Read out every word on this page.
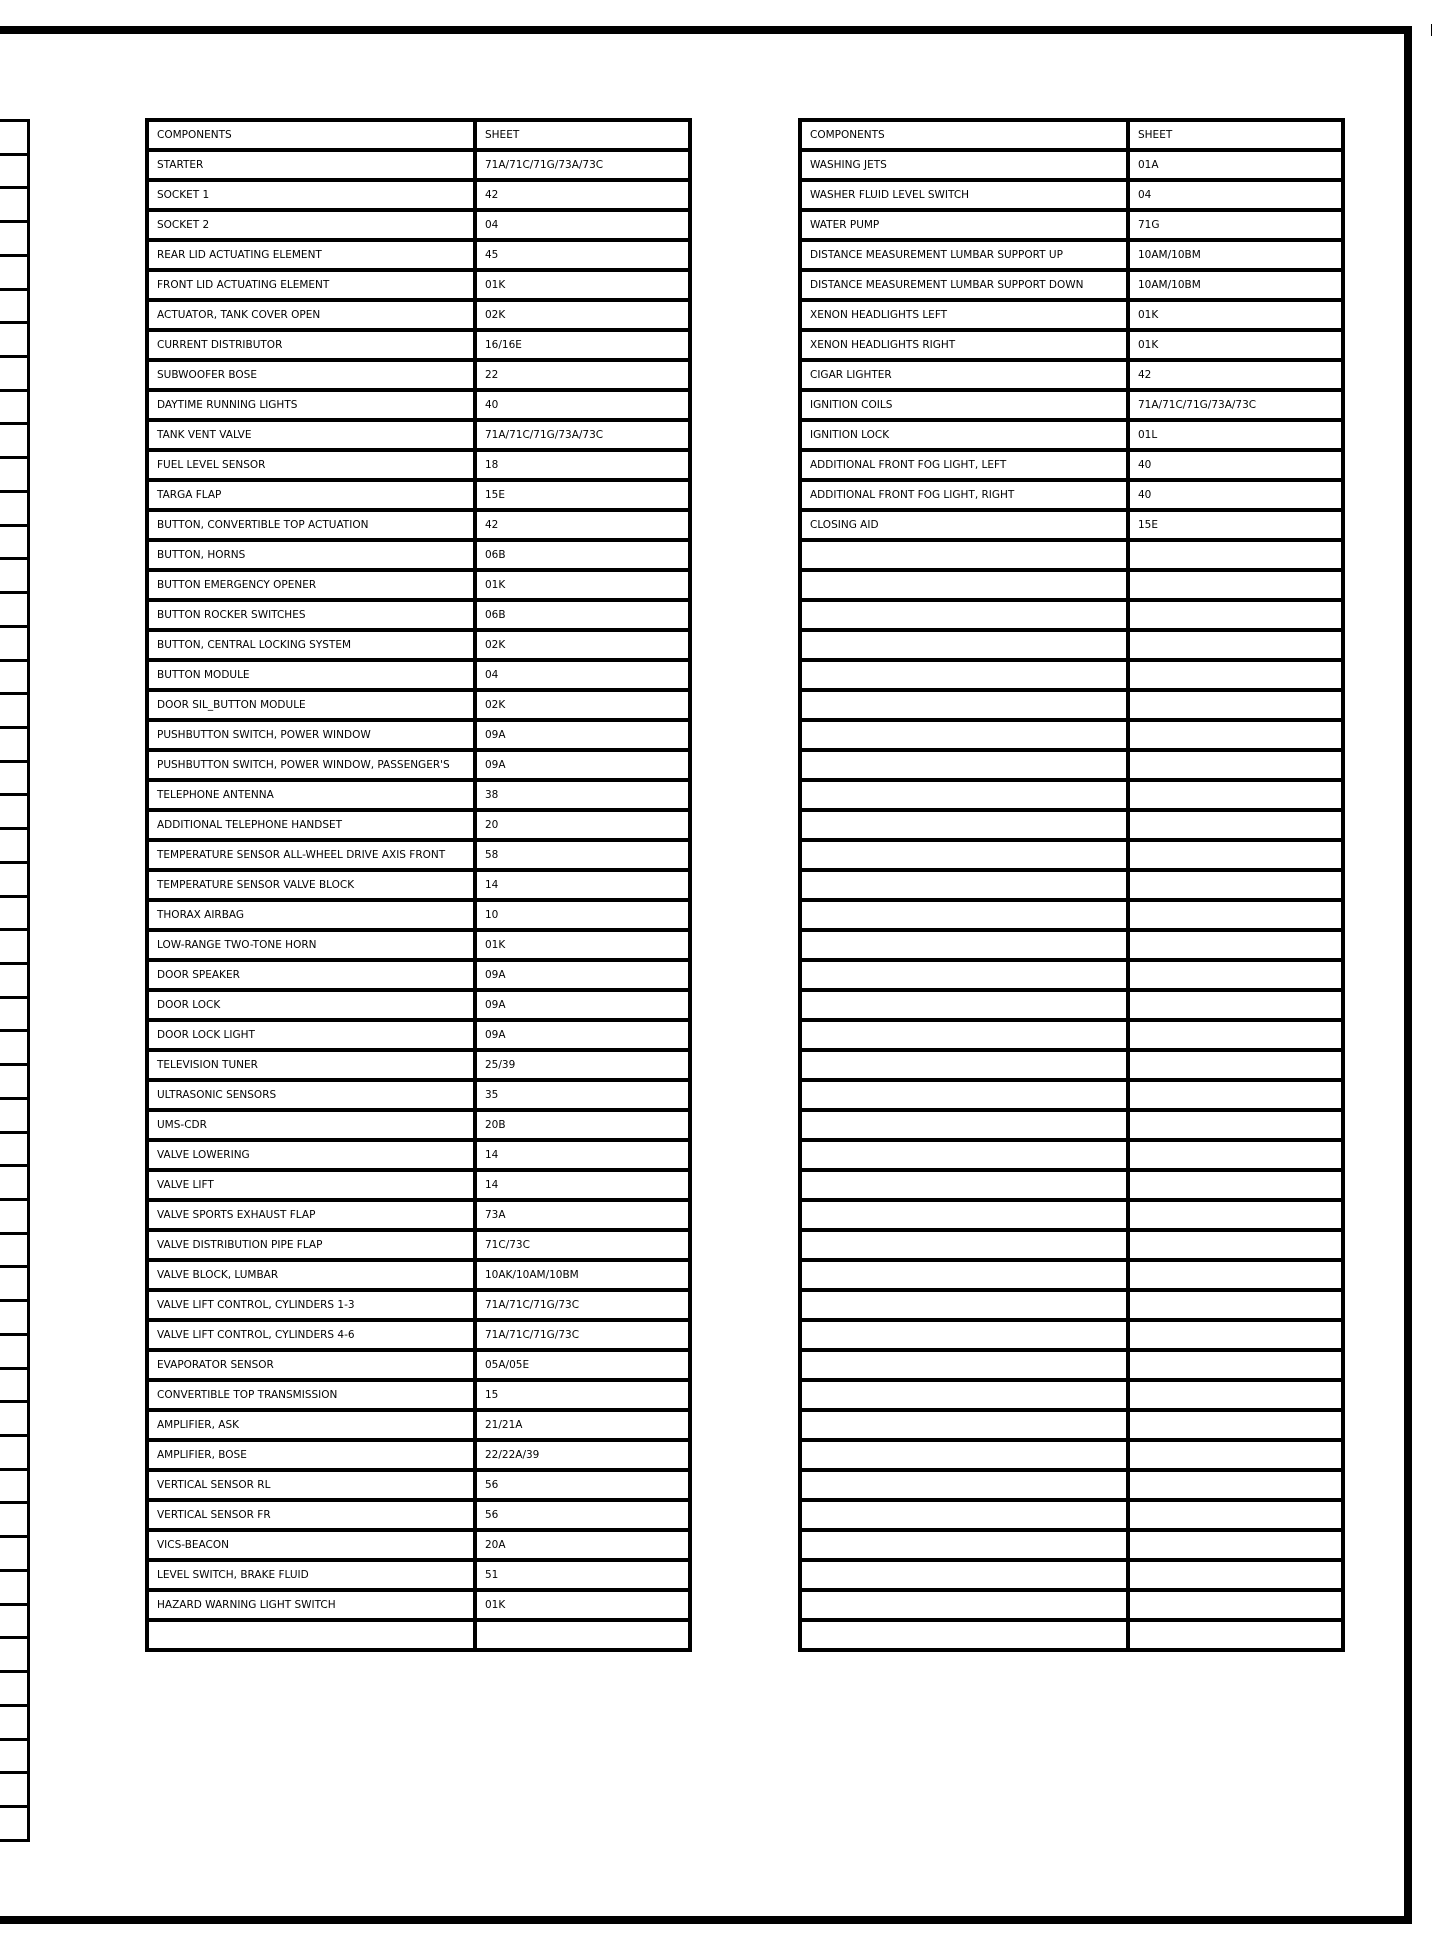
COMPONENTS	SHEET
STARTER	71A/71C/71G/73A/73C
SOCKET 1	42
SOCKET 2	04
REAR LID ACTUATING ELEMENT	45
FRONT LID ACTUATING ELEMENT	01K
ACTUATOR, TANK COVER OPEN	02K
CURRENT DISTRIBUTOR	16/16E
SUBWOOFER BOSE	22
DAYTIME RUNNING LIGHTS	40
TANK VENT VALVE	71A/71C/71G/73A/73C
FUEL LEVEL SENSOR	18
TARGA FLAP	15E
BUTTON, CONVERTIBLE TOP ACTUATION	42
BUTTON, HORNS	06B
BUTTON EMERGENCY OPENER	01K
BUTTON ROCKER SWITCHES	06B
BUTTON, CENTRAL LOCKING SYSTEM	02K
BUTTON MODULE	04
DOOR SIL_BUTTON MODULE	02K
PUSHBUTTON SWITCH, POWER WINDOW	09A
PUSHBUTTON SWITCH, POWER WINDOW, PASSENGER'S	09A
TELEPHONE ANTENNA	38
ADDITIONAL TELEPHONE HANDSET	20
TEMPERATURE SENSOR ALL-WHEEL DRIVE AXIS FRONT	58
TEMPERATURE SENSOR VALVE BLOCK	14
THORAX AIRBAG	10
LOW-RANGE TWO-TONE HORN	01K
DOOR SPEAKER	09A
DOOR LOCK	09A
DOOR LOCK LIGHT	09A
TELEVISION TUNER	25/39
ULTRASONIC SENSORS	35
UMS-CDR	20B
VALVE LOWERING	14
VALVE LIFT	14
VALVE SPORTS EXHAUST FLAP	73A
VALVE DISTRIBUTION PIPE FLAP	71C/73C
VALVE BLOCK, LUMBAR	10AK/10AM/10BM
VALVE LIFT CONTROL, CYLINDERS 1-3	71A/71C/71G/73C
VALVE LIFT CONTROL, CYLINDERS 4-6	71A/71C/71G/73C
EVAPORATOR SENSOR	05A/05E
CONVERTIBLE TOP TRANSMISSION	15
AMPLIFIER, ASK	21/21A
AMPLIFIER, BOSE	22/22A/39
VERTICAL SENSOR RL	56
VERTICAL SENSOR FR	56
VICS-BEACON	20A
LEVEL SWITCH, BRAKE FLUID	51
HAZARD WARNING LIGHT SWITCH	01K

COMPONENTS	SHEET
WASHING JETS	01A
WASHER FLUID LEVEL SWITCH	04
WATER PUMP	71G
DISTANCE MEASUREMENT LUMBAR SUPPORT UP	10AM/10BM
DISTANCE MEASUREMENT LUMBAR SUPPORT DOWN	10AM/10BM
XENON HEADLIGHTS LEFT	01K
XENON HEADLIGHTS RIGHT	01K
CIGAR LIGHTER	42
IGNITION COILS	71A/71C/71G/73A/73C
IGNITION LOCK	01L
ADDITIONAL FRONT FOG LIGHT, LEFT	40
ADDITIONAL FRONT FOG LIGHT, RIGHT	40
CLOSING AID	15E
